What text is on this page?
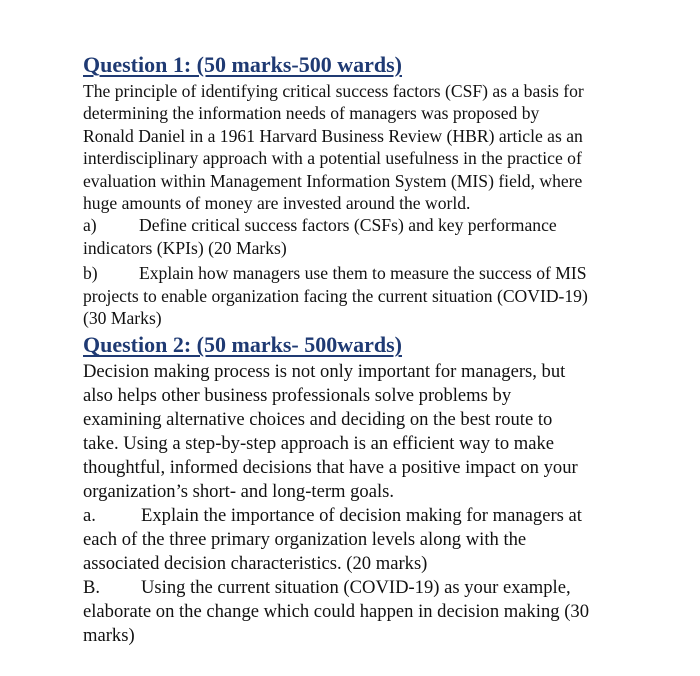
Question 1: (50 marks-500 wards)

The principle of identifying critical success factors (CSF) as a basis for
determining the information needs of managers was proposed by
Ronald Daniel in a 1961 Harvard Business Review (HBR) article as an
interdisciplinary approach with a potential usefulness in the practice of
evaluation within Management Information System (MIS) field, where
huge amounts of money are invested around the world.

a) Define critical success factors (CSFs) and key performance
indicators (KPIs) (20 Marks)
b) Explain how managers use them to measure the success of MIS
projects to enable organization facing the current situation (COVID-19)
(30 Marks)
Question 2: (50 marks- 500wards)

Decision making process is not only important for managers, but
also helps other business professionals solve problems by
examining alternative choices and deciding on the best route to
take. Using a step-by-step approach is an efficient way to make
thoughtful, informed decisions that have a positive impact on your
organization’s short- and long-term goals.

a. Explain the importance of decision making for managers at
each of the three primary organization levels along with the
associated decision characteristics. (20 marks)
B. Using the current situation (COVID-19) as your example,
elaborate on the change which could happen in decision making (30
marks)
